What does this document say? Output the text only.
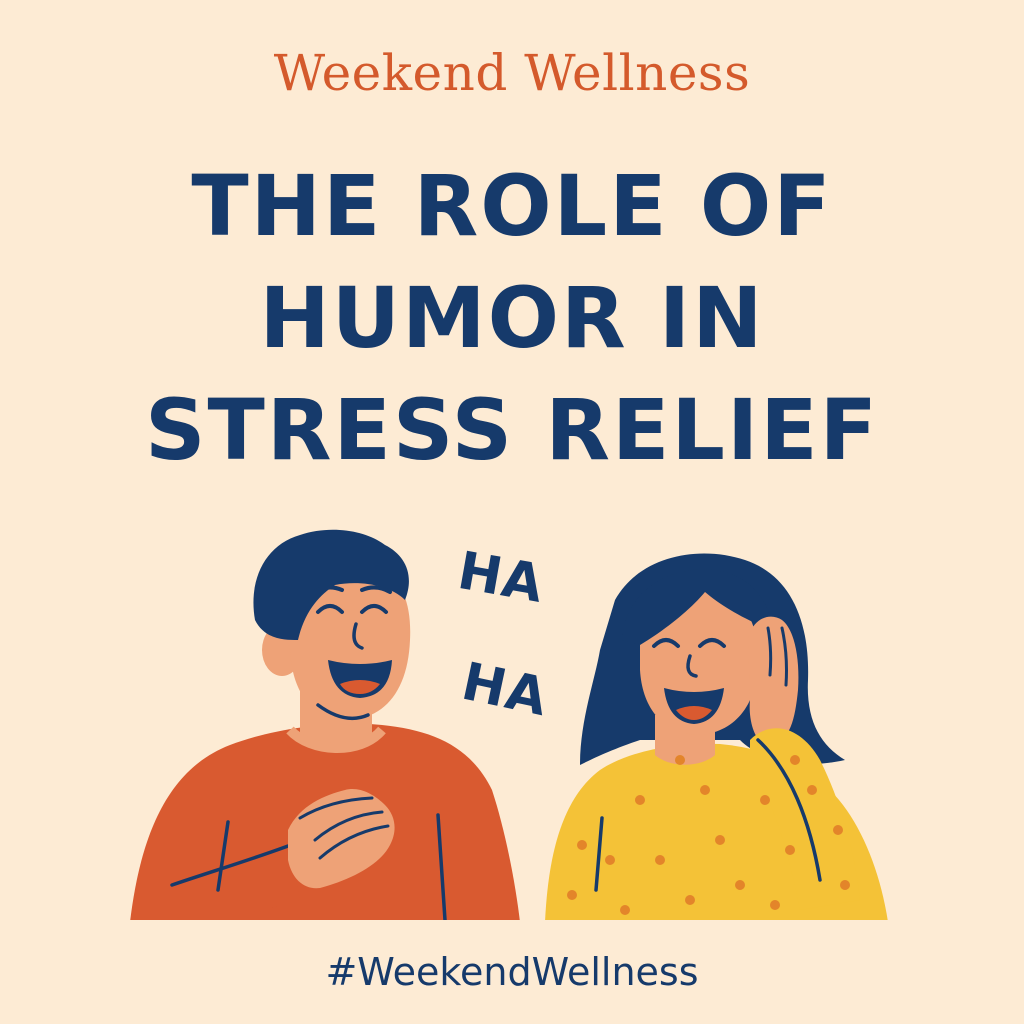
Weekend Wellness
THE ROLE OF
HUMOR IN
STRESS RELIEF
HA
HA
#WeekendWellness
